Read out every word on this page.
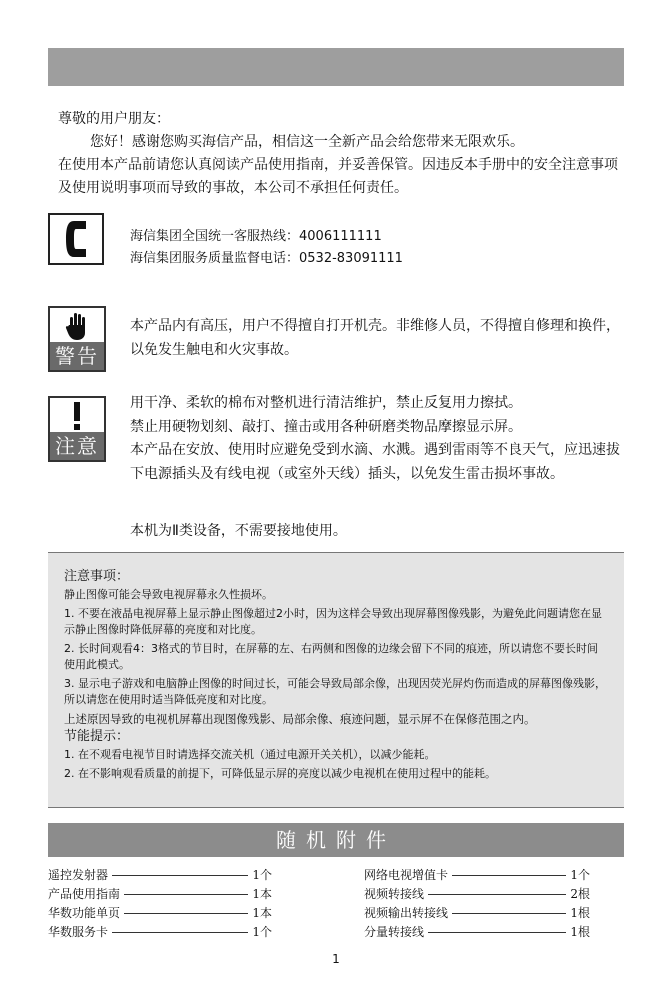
尊敬的用户朋友：

您好！感谢您购买海信产品，相信这一全新产品会给您带来无限欢乐。

在使用本产品前请您认真阅读产品使用指南，并妥善保管。因违反本手册中的安全注意事项及使用说明事项而导致的事故，本公司不承担任何责任。

海信集团全国统一客服热线：4006111111
海信集团服务质量监督电话：0532-83091111
警告

本产品内有高压，用户不得擅自打开机壳。非维修人员，不得擅自修理和换件，以免发生触电和火灾事故。

注意

用干净、柔软的棉布对整机进行清洁维护，禁止反复用力擦拭。

禁止用硬物划刻、敲打、撞击或用各种研磨类物品摩擦显示屏。

本产品在安放、使用时应避免受到水滴、水溅。遇到雷雨等不良天气，应迅速拔下电源插头及有线电视（或室外天线）插头，以免发生雷击损坏事故。

本机为Ⅱ类设备，不需要接地使用。

注意事项：

静止图像可能会导致电视屏幕永久性损坏。

1. 不要在液晶电视屏幕上显示静止图像超过2小时，因为这样会导致出现屏幕图像残影，为避免此问题请您在显示静止图像时降低屏幕的亮度和对比度。

2. 长时间观看4：3格式的节目时，在屏幕的左、右两侧和图像的边缘会留下不同的痕迹，所以请您不要长时间使用此模式。

3. 显示电子游戏和电脑静止图像的时间过长，可能会导致局部余像，出现因荧光屏灼伤而造成的屏幕图像残影，所以请您在使用时适当降低亮度和对比度。

上述原因导致的电视机屏幕出现图像残影、局部余像、痕迹问题，显示屏不在保修范围之内。

节能提示：

1. 在不观看电视节目时请选择交流关机（通过电源开关关机），以减少能耗。

2. 在不影响观看质量的前提下，可降低显示屏的亮度以减少电视机在使用过程中的能耗。

随机附件
遥控发射器	1个
产品使用指南	1本
华数功能单页	1本
华数服务卡	1个
网络电视增值卡	1个
视频转接线	2根
视频输出转接线	1根
分量转接线	1根
1
